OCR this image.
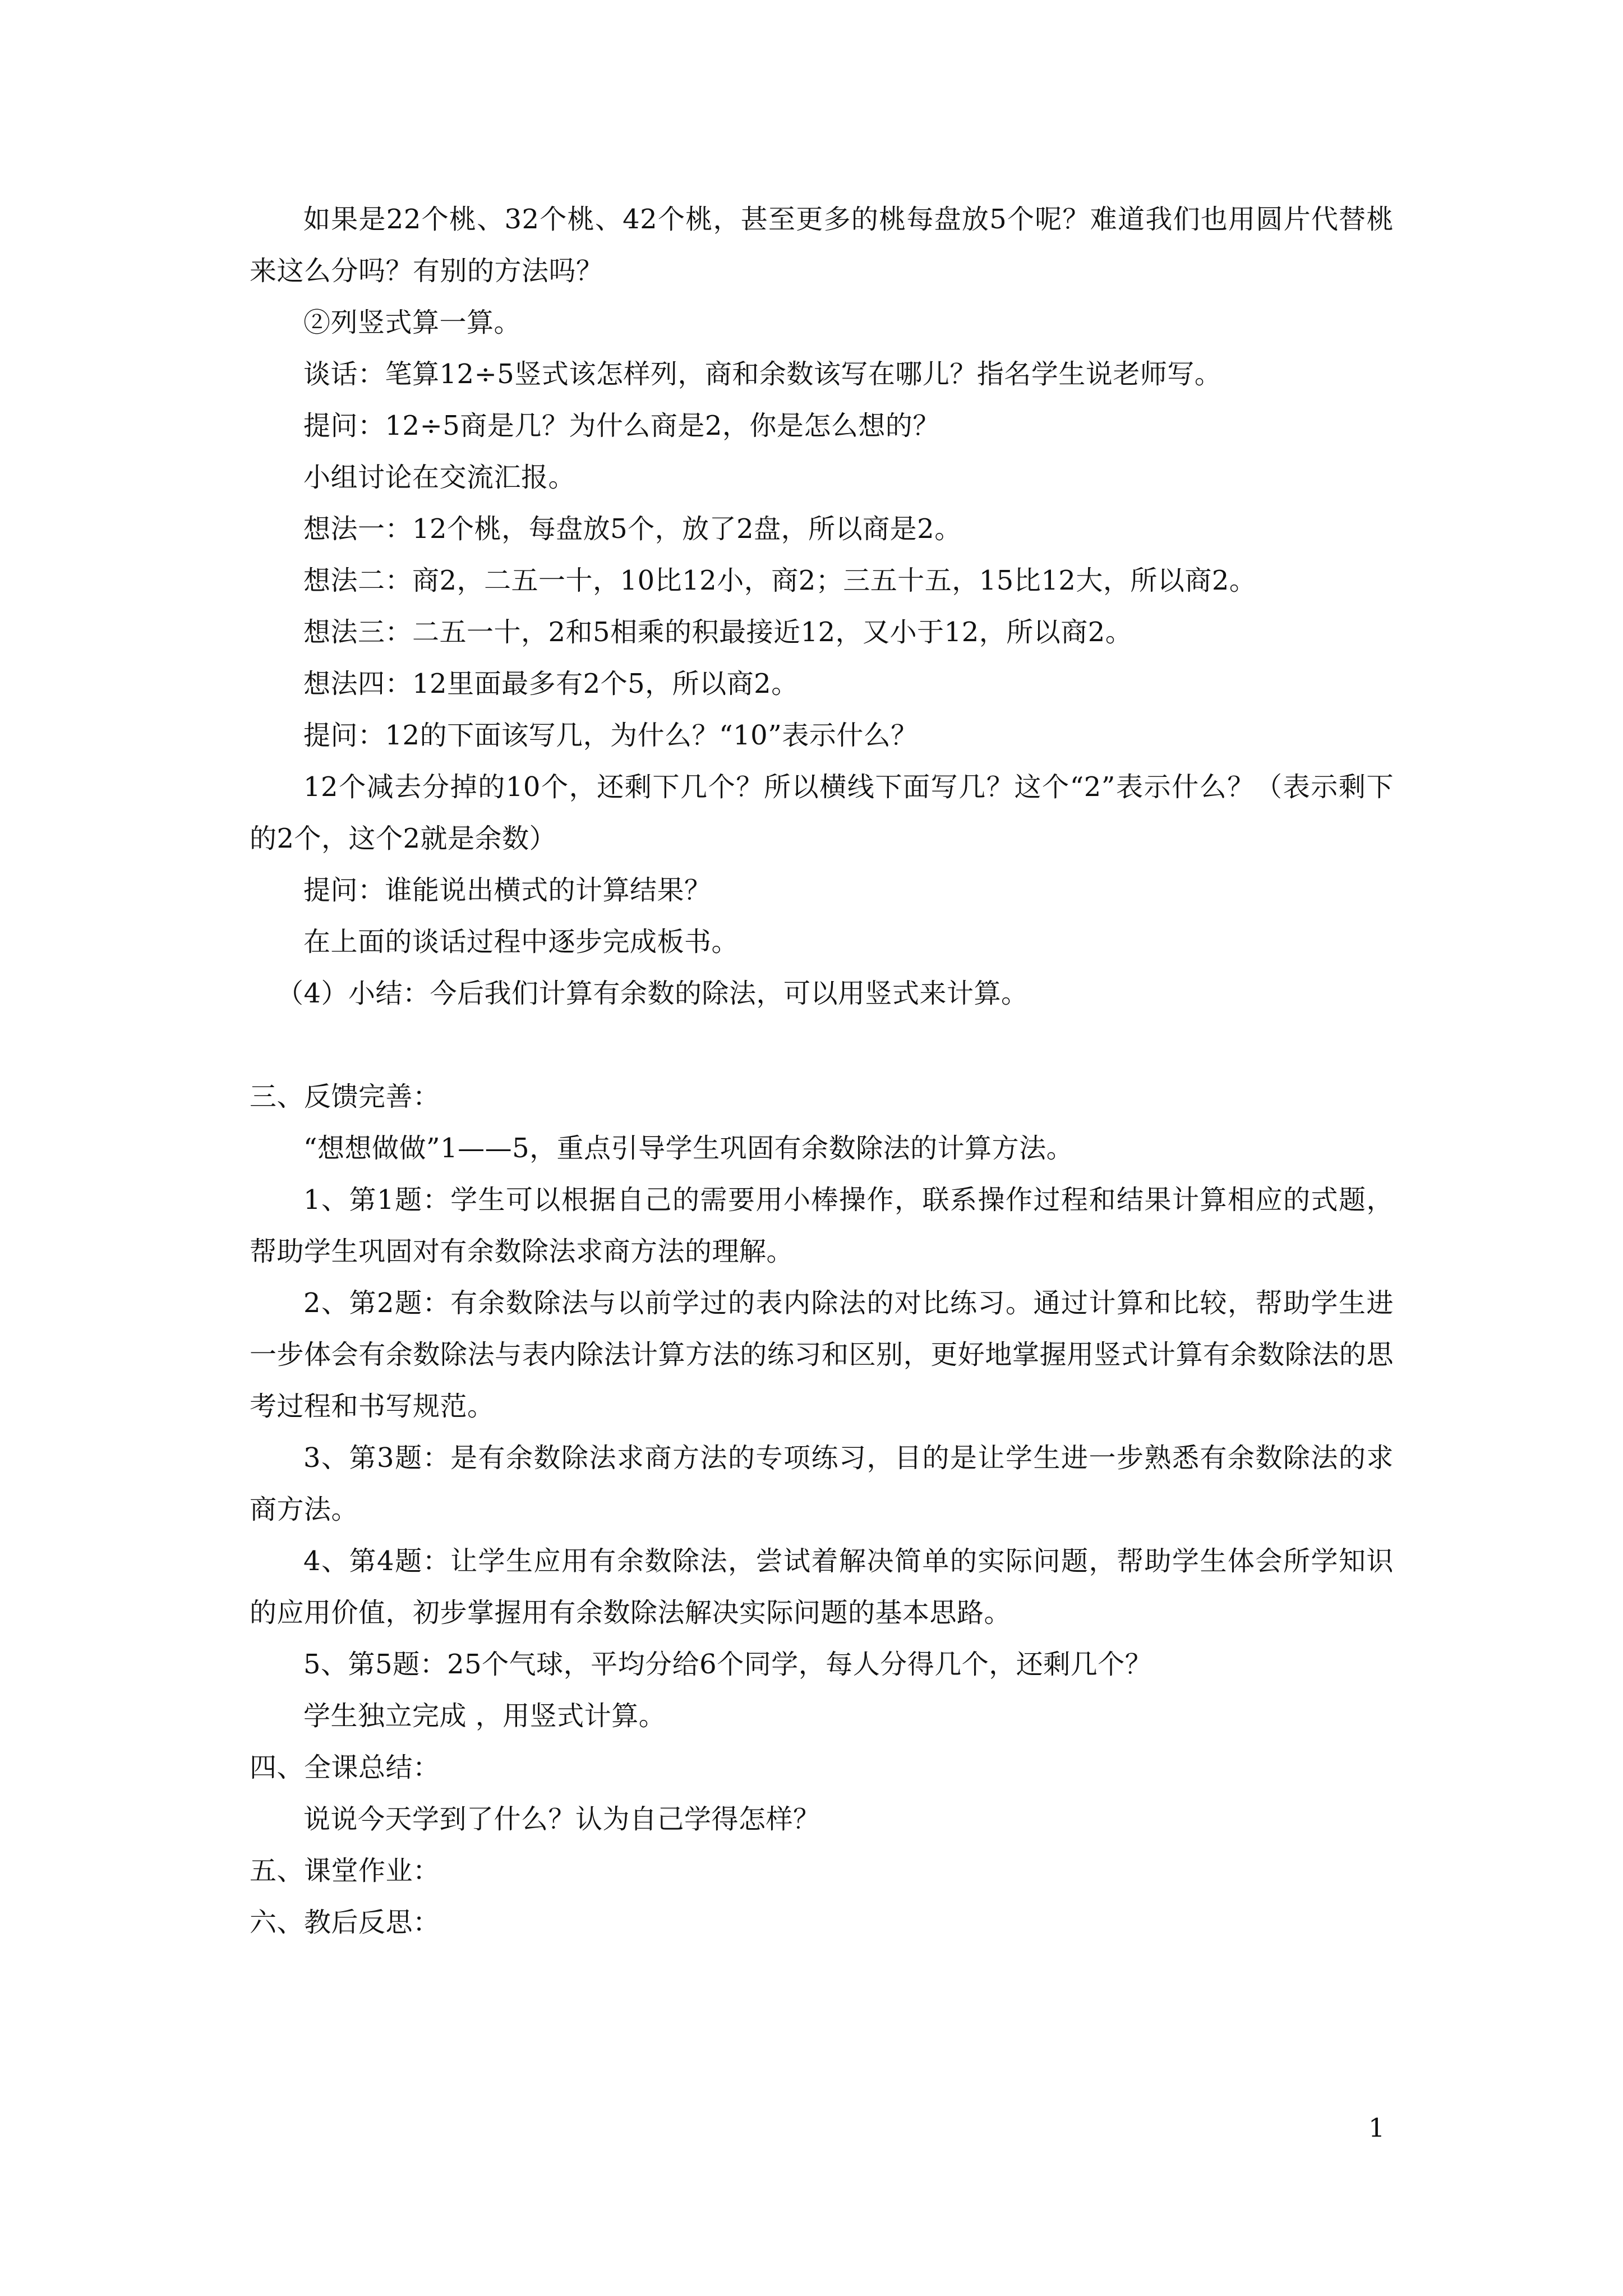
如果是22个桃、32个桃、42个桃，甚至更多的桃每盘放5个呢？难道我们也用圆片代替桃来这么分吗？有别的方法吗？

②列竖式算一算。

谈话：笔算12÷5竖式该怎样列，商和余数该写在哪儿？指名学生说老师写。

提问：12÷5商是几？为什么商是2，你是怎么想的？

小组讨论在交流汇报。

想法一：12个桃，每盘放5个，放了2盘，所以商是2。

想法二：商2，二五一十，10比12小，商2；三五十五，15比12大，所以商2。

想法三：二五一十，2和5相乘的积最接近12，又小于12，所以商2。

想法四：12里面最多有2个5，所以商2。

提问：12的下面该写几，为什么？“10”表示什么？

12个减去分掉的10个，还剩下几个？所以横线下面写几？这个“2”表示什么？（表示剩下的2个，这个2就是余数）

提问：谁能说出横式的计算结果？

在上面的谈话过程中逐步完成板书。

（4）小结：今后我们计算有余数的除法，可以用竖式来计算。

三、反馈完善：

“想想做做”1——5，重点引导学生巩固有余数除法的计算方法。

1、第1题：学生可以根据自己的需要用小棒操作，联系操作过程和结果计算相应的式题，帮助学生巩固对有余数除法求商方法的理解。

2、第2题：有余数除法与以前学过的表内除法的对比练习。通过计算和比较，帮助学生进一步体会有余数除法与表内除法计算方法的练习和区别，更好地掌握用竖式计算有余数除法的思考过程和书写规范。

3、第3题：是有余数除法求商方法的专项练习，目的是让学生进一步熟悉有余数除法的求商方法。

4、第4题：让学生应用有余数除法，尝试着解决简单的实际问题，帮助学生体会所学知识的应用价值，初步掌握用有余数除法解决实际问题的基本思路。

5、第5题：25个气球，平均分给6个同学，每人分得几个，还剩几个？

学生独立完成 ，用竖式计算。

四、全课总结：

说说今天学到了什么？认为自己学得怎样？

五、课堂作业：

六、教后反思：

1
